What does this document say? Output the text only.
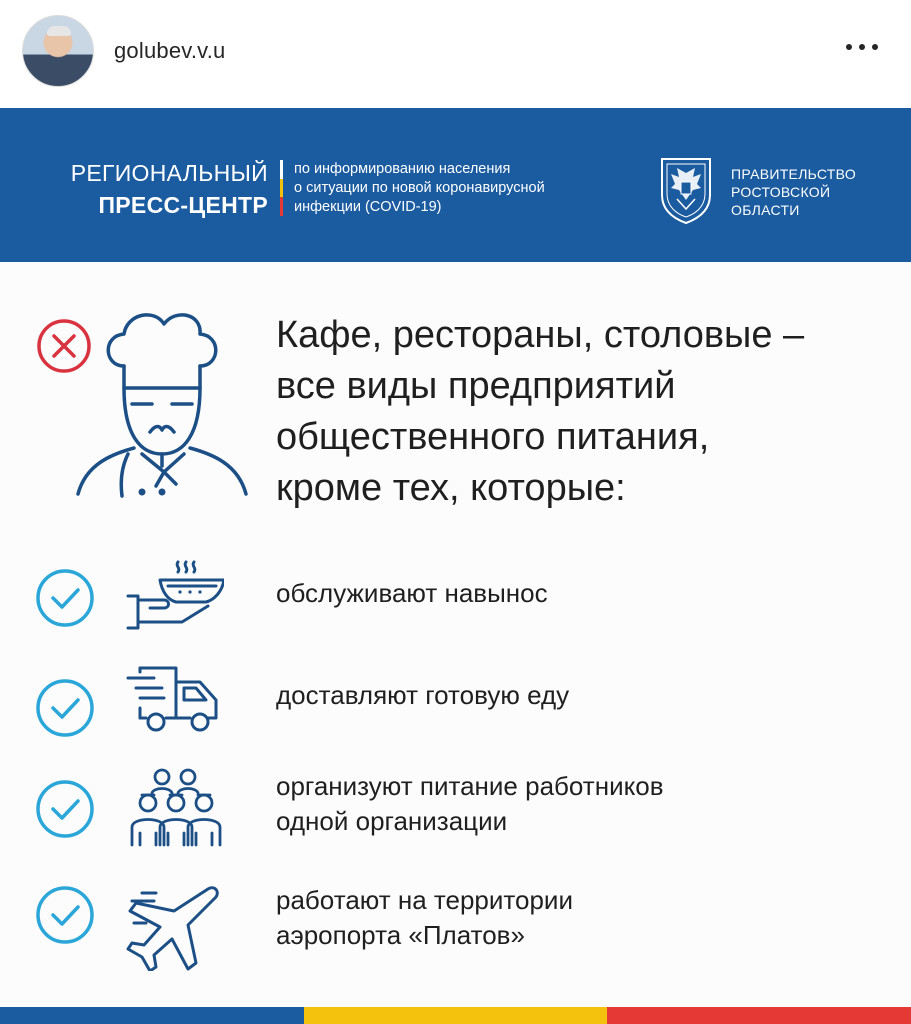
golubev.v.u
РЕГИОНАЛЬНЫЙ
ПРЕСС-ЦЕНТР
по информированию населения
о ситуации по новой коронавирусной
инфекции (COVID-19)
ПРАВИТЕЛЬСТВО
РОСТОВСКОЙ
ОБЛАСТИ
Кафе, рестораны, столовые –
все виды предприятий
общественного питания,
кроме тех, которые:
обслуживают навынос
доставляют готовую еду
организуют питание работников
одной организации
работают на территории
аэропорта «Платов»
